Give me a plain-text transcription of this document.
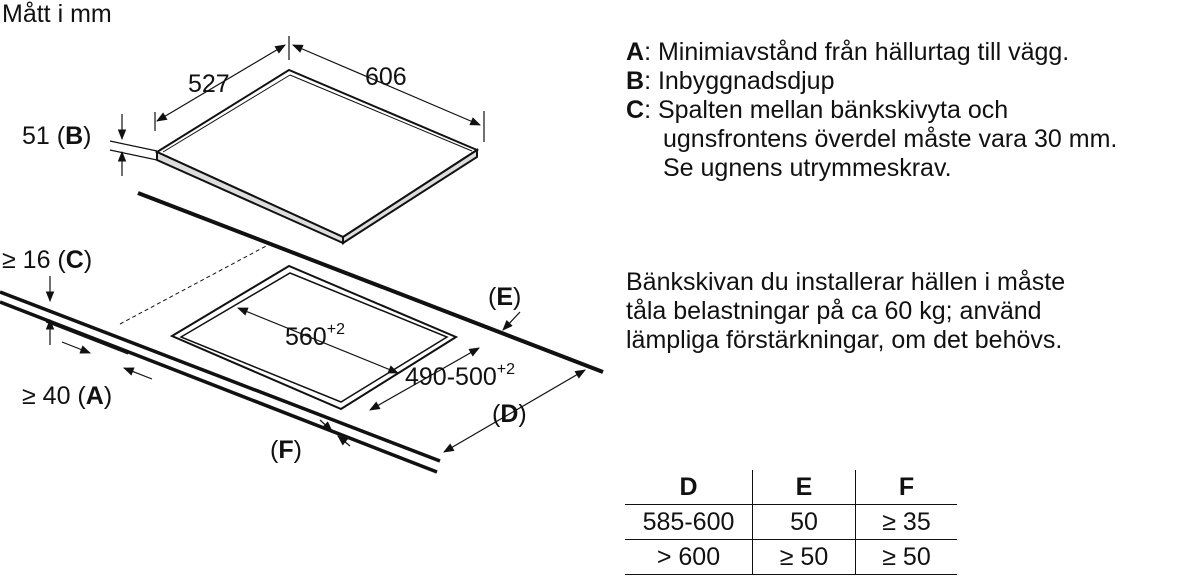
Mått i mm
527	606
51 (B)
$560^{+2}$
$490-500^{+2}$
≥ 16 (C)
≥ 40 (A)
(E)
(D)
(F)
A : Minimiavstånd från hällurtag till vägg.
B : Inbyggnadsdjup
C : Spalten mellan bänkskivyta och
ugnsfrontens överdel måste vara 30 mm.
Se ugnens utrymmeskrav.
Bänkskivan du installerar hällen i måste
tåla belastningar på ca 60 kg; använd
lämpliga förstärkningar, om det behövs.
D	E	F
585-600	50	≥ 35
> 600	≥ 50	≥ 50
